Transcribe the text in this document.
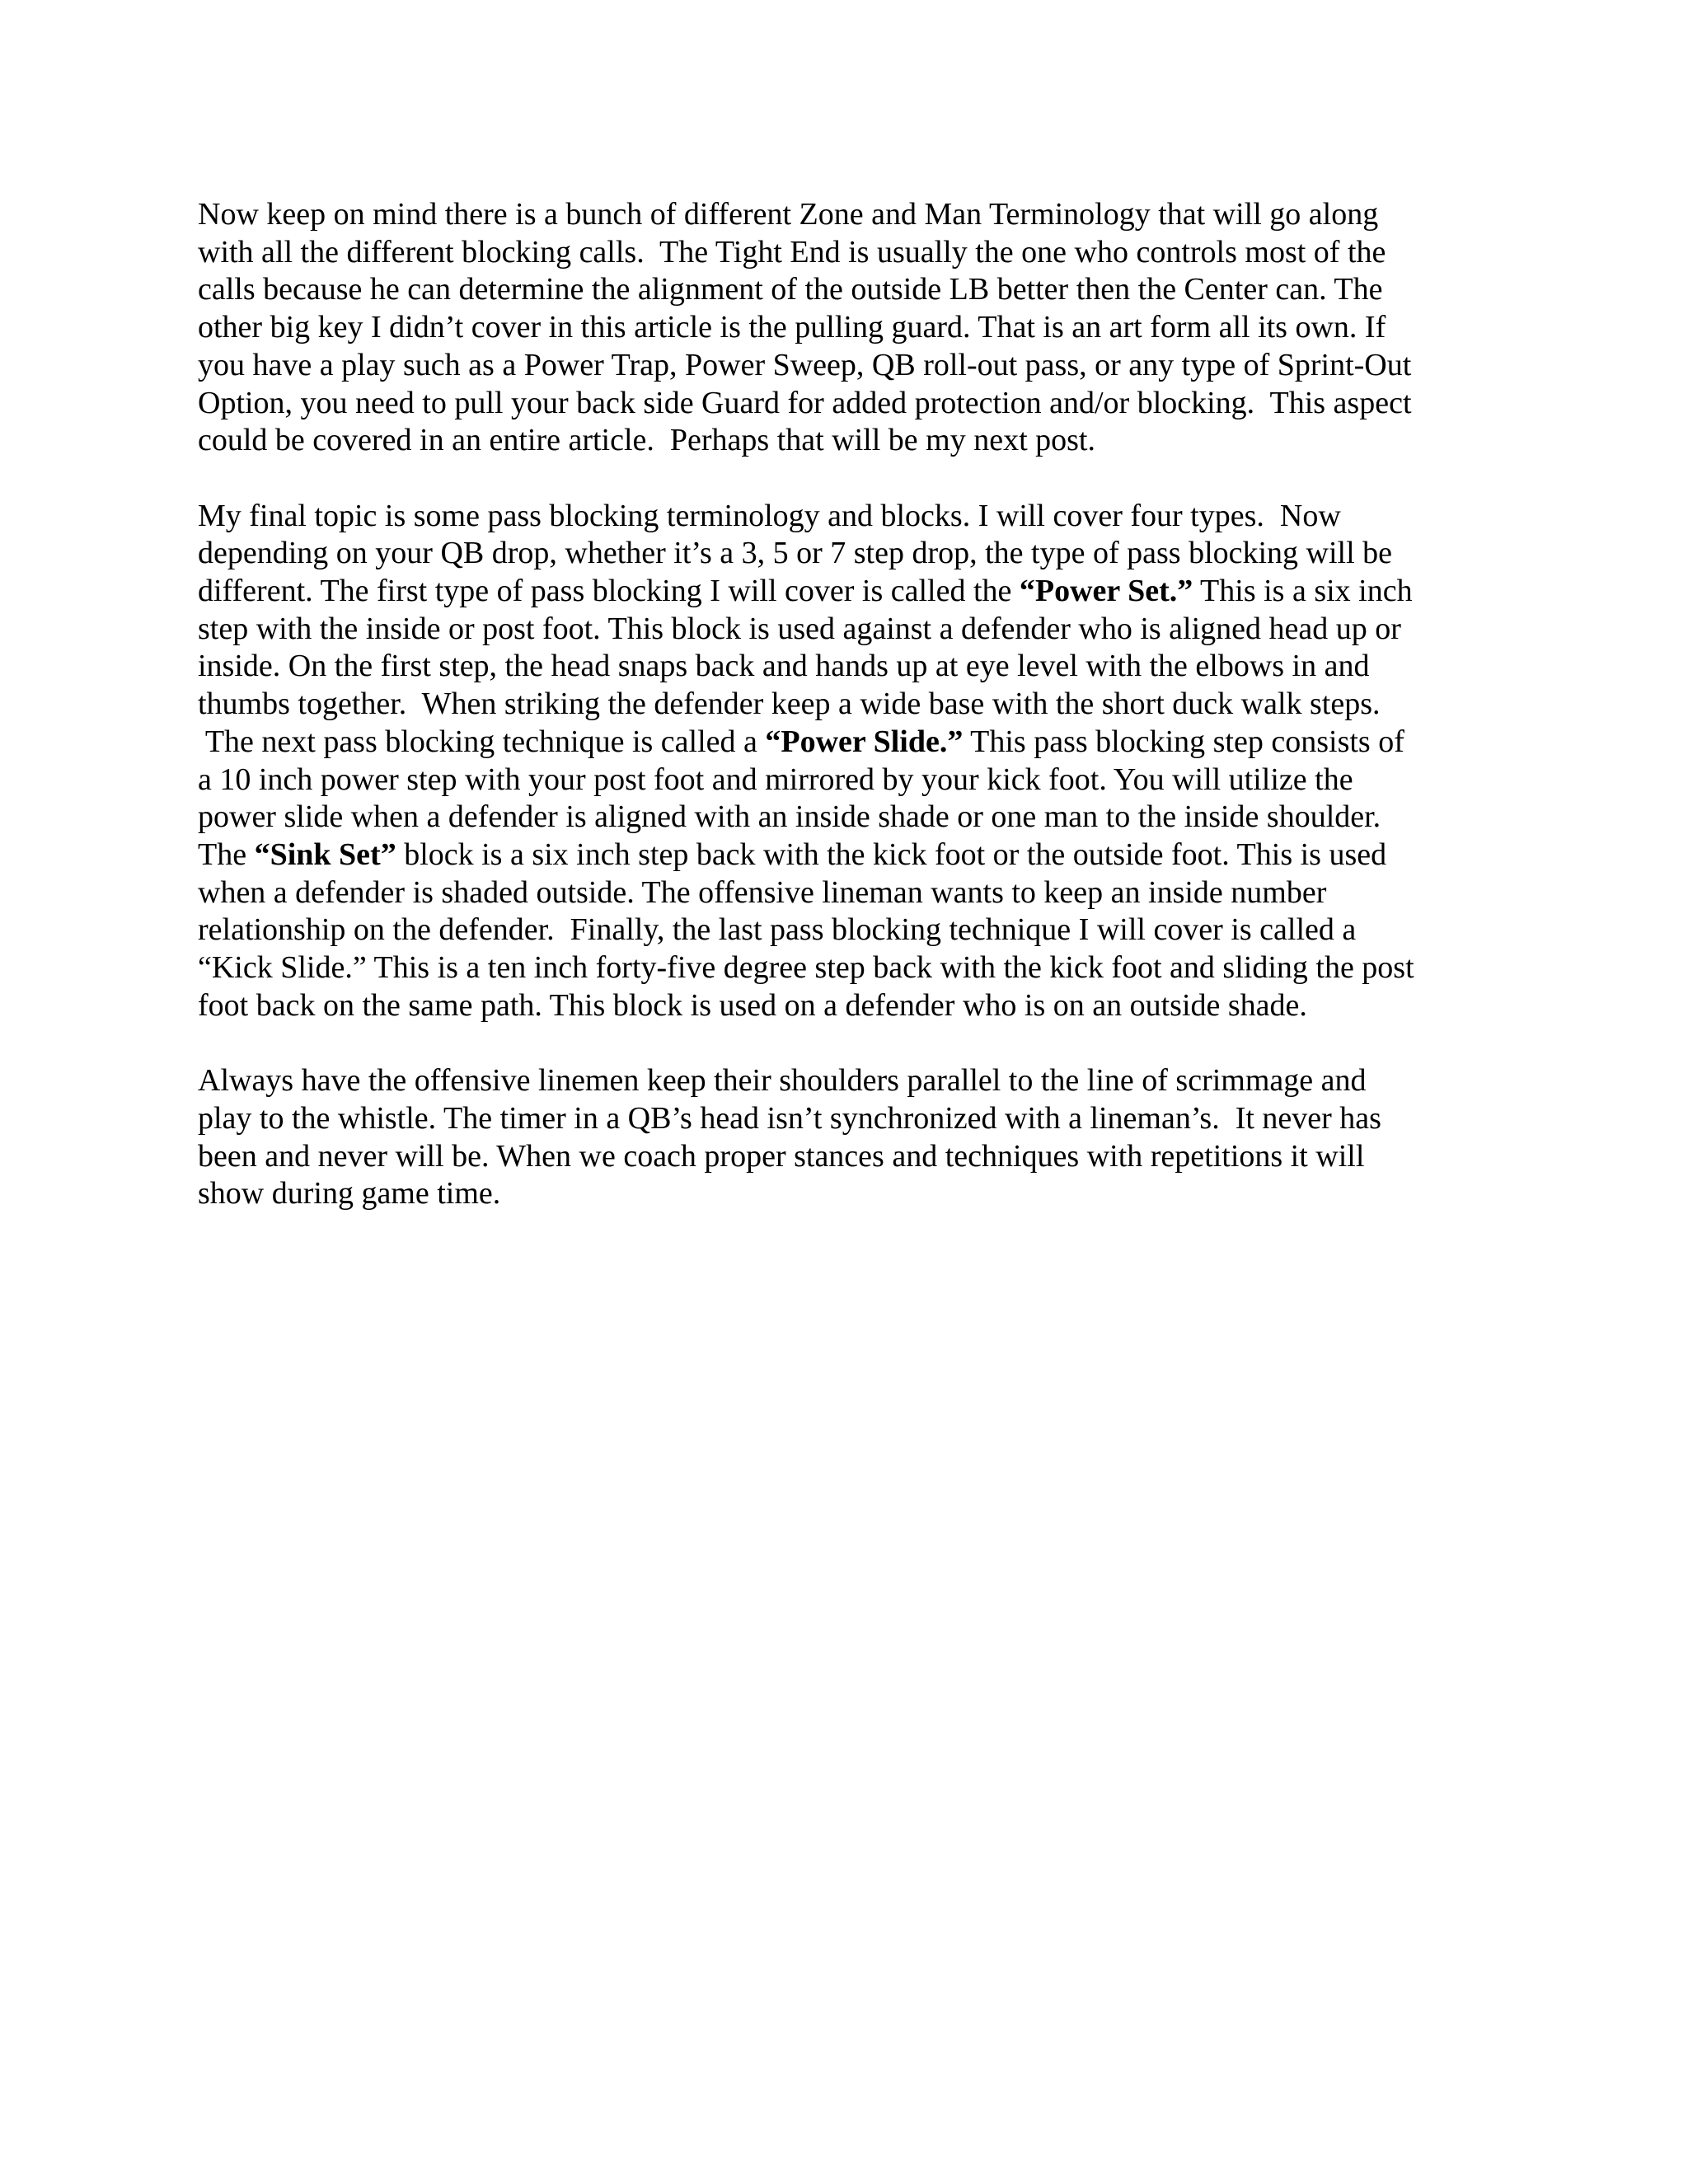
Now keep on mind there is a bunch of different Zone and Man Terminology that will go along
with all the different blocking calls.  The Tight End is usually the one who controls most of the
calls because he can determine the alignment of the outside LB better then the Center can. The
other big key I didn’t cover in this article is the pulling guard. That is an art form all its own. If
you have a play such as a Power Trap, Power Sweep, QB roll-out pass, or any type of Sprint-Out
Option, you need to pull your back side Guard for added protection and/or blocking.  This aspect
could be covered in an entire article.  Perhaps that will be my next post.
My final topic is some pass blocking terminology and blocks. I will cover four types.  Now
depending on your QB drop, whether it’s a 3, 5 or 7 step drop, the type of pass blocking will be
different. The first type of pass blocking I will cover is called the “Power Set.” This is a six inch
step with the inside or post foot. This block is used against a defender who is aligned head up or
inside. On the first step, the head snaps back and hands up at eye level with the elbows in and
thumbs together.  When striking the defender keep a wide base with the short duck walk steps.
The next pass blocking technique is called a “Power Slide.” This pass blocking step consists of
a 10 inch power step with your post foot and mirrored by your kick foot. You will utilize the
power slide when a defender is aligned with an inside shade or one man to the inside shoulder.
The “Sink Set” block is a six inch step back with the kick foot or the outside foot. This is used
when a defender is shaded outside. The offensive lineman wants to keep an inside number
relationship on the defender.  Finally, the last pass blocking technique I will cover is called a
“Kick Slide.” This is a ten inch forty-five degree step back with the kick foot and sliding the post
foot back on the same path. This block is used on a defender who is on an outside shade.
Always have the offensive linemen keep their shoulders parallel to the line of scrimmage and
play to the whistle. The timer in a QB’s head isn’t synchronized with a lineman’s.  It never has
been and never will be. When we coach proper stances and techniques with repetitions it will
show during game time.
